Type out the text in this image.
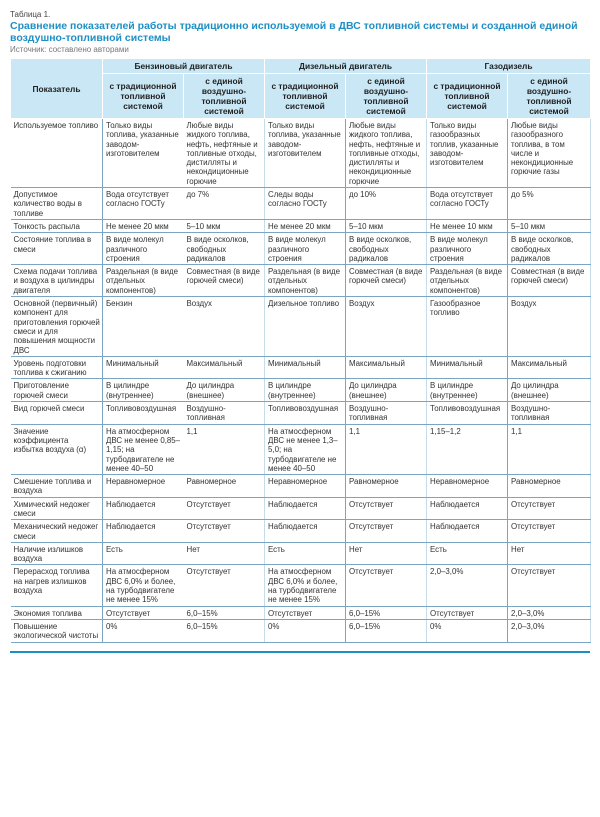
Таблица 1.
Сравнение показателей работы традиционно используемой в ДВС топливной системы и созданной единой воздушно-топливной системы
Источник: составлено авторами
Показатель	Бензиновый двигатель		Дизельный двигатель		Газодизель	
	с традиционной топливной системой	с единой воздушно-топливной системой	с традиционной топливной системой	с единой воздушно-топливной системой	с традиционной топливной системой	с единой воздушно-топливной системой
Используемое топливо	Только виды топлива, указанные заводом-изготовителем	Любые виды жидкого топлива, нефть, нефтяные и топливные отходы, дистилляты и некондиционные горючие	Только виды топлива, указанные заводом-изготовителем	Любые виды жидкого топлива, нефть, нефтяные и топливные отходы, дистилляты и некондиционные горючие	Только виды газообразных топлив, указанные заводом-изготовителем	Любые виды газообразного топлива, в том числе и некондиционные горючие газы
Допустимое количество воды в топливе	Вода отсутствует согласно ГОСТу	до 7%	Следы воды согласно ГОСТу	до 10%	Вода отсутствует согласно ГОСТу	до 5%
Тонкость распыла	Не менее 20 мкм	5–10 мкм	Не менее 20 мкм	5–10 мкм	Не менее 10 мкм	5–10 мкм
Состояние топлива в смеси	В виде молекул различного строения	В виде осколков, свободных радикалов	В виде молекул различного строения	В виде осколков, свободных радикалов	В виде молекул различного строения	В виде осколков, свободных радикалов
Схема подачи топлива и воздуха в цилиндры двигателя	Раздельная (в виде отдельных компонентов)	Совместная (в виде горючей смеси)	Раздельная (в виде отдельных компонентов)	Совместная (в виде горючей смеси)	Раздельная (в виде отдельных компонентов)	Совместная (в виде горючей смеси)
Основной (первичный) компонент для приготовления горючей смеси и для повышения мощности ДВС	Бензин	Воздух	Дизельное топливо	Воздух	Газообразное топливо	Воздух
Уровень подготовки топлива к сжиганию	Минимальный	Максимальный	Минимальный	Максимальный	Минимальный	Максимальный
Приготовление горючей смеси	В цилиндре (внутреннее)	До цилиндра (внешнее)	В цилиндре (внутреннее)	До цилиндра (внешнее)	В цилиндре (внутреннее)	До цилиндра (внешнее)
Вид горючей смеси	Топливовоздушная	Воздушно-топливная	Топливовоздушная	Воздушно-топливная	Топливовоздушная	Воздушно-топливная
Значение коэффициента избытка воздуха (α)	На атмосферном ДВС не менее 0,85–1,15; на турбодвигателе не менее 40–50	1,1	На атмосферном ДВС не менее 1,3–5,0; на турбодвигателе не менее 40–50	1,1	1,15–1,2	1,1
Смешение топлива и воздуха	Неравномерное	Равномерное	Неравномерное	Равномерное	Неравномерное	Равномерное
Химический недожег смеси	Наблюдается	Отсутствует	Наблюдается	Отсутствует	Наблюдается	Отсутствует
Механический недожег смеси	Наблюдается	Отсутствует	Наблюдается	Отсутствует	Наблюдается	Отсутствует
Наличие излишков воздуха	Есть	Нет	Есть	Нет	Есть	Нет
Перерасход топлива на нагрев излишков воздуха	На атмосферном ДВС 6,0% и более, на турбодвигателе не менее 15%	Отсутствует	На атмосферном ДВС 6,0% и более, на турбодвигателе не менее 15%	Отсутствует	2,0–3,0%	Отсутствует
Экономия топлива	Отсутствует	6,0–15%	Отсутствует	6,0–15%	Отсутствует	2,0–3,0%
Повышение экологической чистоты	0%	6,0–15%	0%	6,0–15%	0%	2,0–3,0%
